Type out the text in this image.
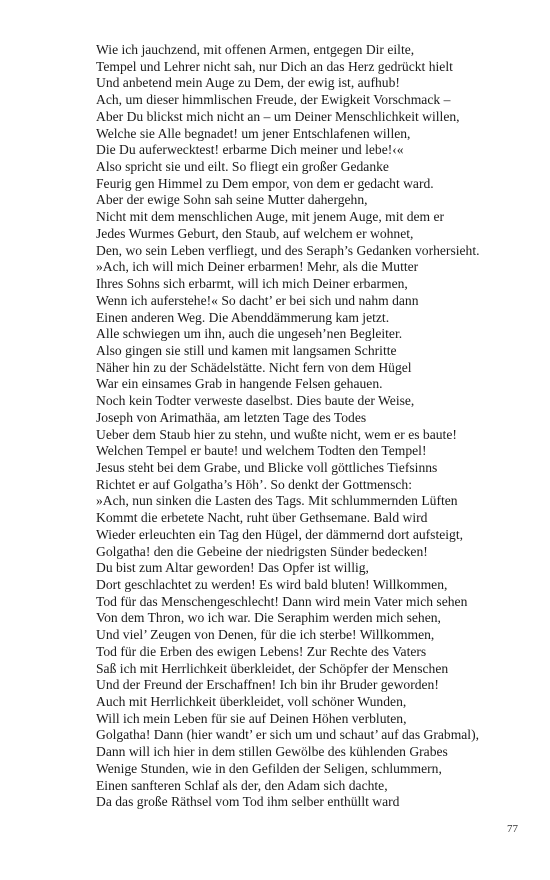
Wie ich jauchzend, mit offenen Armen, entgegen Dir eilte,
Tempel und Lehrer nicht sah, nur Dich an das Herz gedrückt hielt
Und anbetend mein Auge zu Dem, der ewig ist, aufhub!
Ach, um dieser himmlischen Freude, der Ewigkeit Vorschmack –
Aber Du blickst mich nicht an – um Deiner Menschlichkeit willen,
Welche sie Alle begnadet! um jener Entschlafenen willen,
Die Du auferwecktest! erbarme Dich meiner und lebe!‹«
Also spricht sie und eilt. So fliegt ein großer Gedanke
Feurig gen Himmel zu Dem empor, von dem er gedacht ward.
Aber der ewige Sohn sah seine Mutter dahergehn,
Nicht mit dem menschlichen Auge, mit jenem Auge, mit dem er
Jedes Wurmes Geburt, den Staub, auf welchem er wohnet,
Den, wo sein Leben verfliegt, und des Seraph’s Gedanken vorhersieht.
»Ach, ich will mich Deiner erbarmen! Mehr, als die Mutter
Ihres Sohns sich erbarmt, will ich mich Deiner erbarmen,
Wenn ich auferstehe!« So dacht’ er bei sich und nahm dann
Einen anderen Weg. Die Abenddämmerung kam jetzt.
Alle schwiegen um ihn, auch die ungeseh’nen Begleiter.
Also gingen sie still und kamen mit langsamen Schritte
Näher hin zu der Schädelstätte. Nicht fern von dem Hügel
War ein einsames Grab in hangende Felsen gehauen.
Noch kein Todter verweste daselbst. Dies baute der Weise,
Joseph von Arimathäa, am letzten Tage des Todes
Ueber dem Staub hier zu stehn, und wußte nicht, wem er es baute!
Welchen Tempel er baute! und welchem Todten den Tempel!
Jesus steht bei dem Grabe, und Blicke voll göttliches Tiefsinns
Richtet er auf Golgatha’s Höh’. So denkt der Gottmensch:
»Ach, nun sinken die Lasten des Tags. Mit schlummernden Lüften
Kommt die erbetete Nacht, ruht über Gethsemane. Bald wird
Wieder erleuchten ein Tag den Hügel, der dämmernd dort aufsteigt,
Golgatha! den die Gebeine der niedrigsten Sünder bedecken!
Du bist zum Altar geworden! Das Opfer ist willig,
Dort geschlachtet zu werden! Es wird bald bluten! Willkommen,
Tod für das Menschengeschlecht! Dann wird mein Vater mich sehen
Von dem Thron, wo ich war. Die Seraphim werden mich sehen,
Und viel’ Zeugen von Denen, für die ich sterbe! Willkommen,
Tod für die Erben des ewigen Lebens! Zur Rechte des Vaters
Saß ich mit Herrlichkeit überkleidet, der Schöpfer der Menschen
Und der Freund der Erschaffnen! Ich bin ihr Bruder geworden!
Auch mit Herrlichkeit überkleidet, voll schöner Wunden,
Will ich mein Leben für sie auf Deinen Höhen verbluten,
Golgatha! Dann (hier wandt’ er sich um und schaut’ auf das Grabmal),
Dann will ich hier in dem stillen Gewölbe des kühlenden Grabes
Wenige Stunden, wie in den Gefilden der Seligen, schlummern,
Einen sanfteren Schlaf als der, den Adam sich dachte,
Da das große Räthsel vom Tod ihm selber enthüllt ward
77
